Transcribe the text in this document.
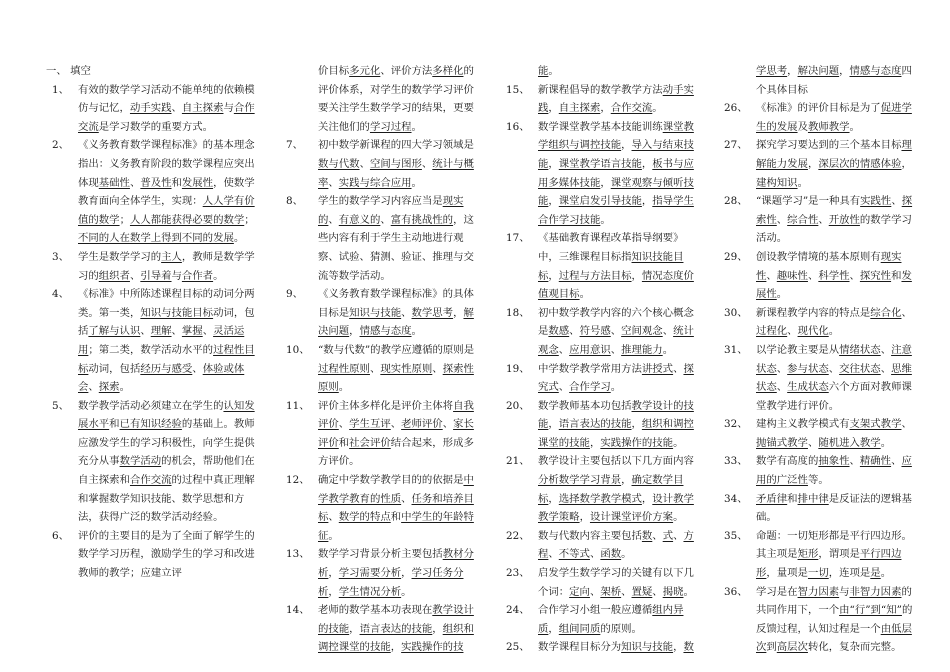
一、 填空
1、 有效的数学学习活动不能单纯的依赖模仿与记忆，动手实践、自主探索与合作交流是学习数学的重要方式。
2、 《义务教育数学课程标准》的基本理念指出：义务教育阶段的数学课程应突出体现基础性、普及性和发展性，使数学教育面向全体学生，实现：人人学有价值的数学；人人都能获得必要的数学；不同的人在数学上得到不同的发展。
3、 学生是数学学习的主人，教师是数学学习的组织者、引导着与合作者。
4、 《标准》中所陈述课程目标的动词分两类。第一类，知识与技能目标动词，包括了解与认识、理解、掌握、灵活运用；第二类，数学活动水平的过程性目标动词，包括经历与感受、体验或体会、探索。
5、 数学教学活动必须建立在学生的认知发展水平和已有知识经验的基础上。教师应激发学生的学习积极性，向学生提供充分从事数学活动的机会，帮助他们在自主探索和合作交流的过程中真正理解和掌握数学知识技能、数学思想和方法，获得广泛的数学活动经验。
6、 评价的主要目的是为了全面了解学生的数学学习历程，激励学生的学习和改进教师的教学；应建立评
价目标多元化、评价方法多样化的评价体系，对学生的数学学习评价要关注学生数学学习的结果，更要关注他们的学习过程。
7、 初中数学新课程的四大学习领域是数与代数、空间与图形、统计与概率、实践与综合应用。
8、 学生的数学学习内容应当是现实的、有意义的、富有挑战性的，这些内容有利于学生主动地进行观察、试验、猜测、验证、推理与交流等数学活动。
9、 《义务教育数学课程标准》的具体目标是知识与技能、数学思考，解决问题，情感与态度。
10、 “数与代数”的教学应遵循的原则是过程性原则、现实性原则、探索性原则。
11、 评价主体多样化是评价主体将自我评价、学生互评、老师评价、家长评价和社会评价结合起来，形成多方评价。
12、 确定中学数学教学目的的依据是中学教学教育的性质、任务和培养目标、数学的特点和中学生的年龄特征。
13、 数学学习背景分析主要包括教材分析，学习需要分析，学习任务分析，学生情况分析。
14、 老师的数学基本功表现在教学设计的技能，语言表达的技能，组织和调控课堂的技能，实践操作的技
能。
15、 新课程倡导的数学教学方法动手实践，自主探索，合作交流。
16、 数学课堂教学基本技能训练课堂教学组织与调控技能，导入与结束技能，课堂教学语言技能，板书与应用多媒体技能，课堂观察与倾听技能，课堂启发引导技能，指导学生合作学习技能。
17、 《基础教育课程改革指导纲要》中，三维课程目标指知识技能目标，过程与方法目标，情况态度价值观目标。
18、 初中数学教学内容的六个核心概念是数感、符号感、空间观念、统计观念、应用意识、推理能力。
19、 中学数学教学常用方法讲授式、探究式、合作学习。
20、 数学教师基本功包括教学设计的技能，语言表达的技能，组织和调控课堂的技能，实践操作的技能。
21、 教学设计主要包括以下几方面内容分析数学学习背景，确定数学目标，选择数学教学模式，设计教学教学策略，设计课堂评价方案。
22、 数与代数内容主要包括数、式、方程、不等式、函数。
23、 启发学生数学学习的关键有以下几个词：定向、架桥、置疑、揭晓。
24、 合作学习小组一般应遵循组内异质，组间同质的原则。
25、 数学课程目标分为知识与技能，数
学思考，解决问题，情感与态度四个具体目标
26、 《标准》的评价目标是为了促进学生的发展及教师教学。
27、 探究学习要达到的三个基本目标理解能力发展，深层次的情感体验，建构知识。
28、 “课题学习”是一种具有实践性、探索性、综合性、开放性的数学学习活动。
29、 创设教学情境的基本原则有现实性、趣味性、科学性、探究性和发展性。
30、 新课程教学内容的特点是综合化、过程化、现代化。
31、 以学论教主要是从情绪状态、注意状态、参与状态、交往状态、思维状态、生成状态六个方面对教师课堂教学进行评价。
32、 建构主义教学模式有支架式教学、抛锚式教学、随机进入教学。
33、 数学有高度的抽象性、精确性、应用的广泛性等。
34、 矛盾律和排中律是反证法的逻辑基础。
35、 命题：一切矩形都是平行四边形。其主项是矩形，谓项是平行四边形，量项是一切，连项是是。
36、 学习是在智力因素与非智力因素的共同作用下，一个由“行”到“知”的反馈过程，认知过程是一个由低层次到高层次转化，复杂而完整。
